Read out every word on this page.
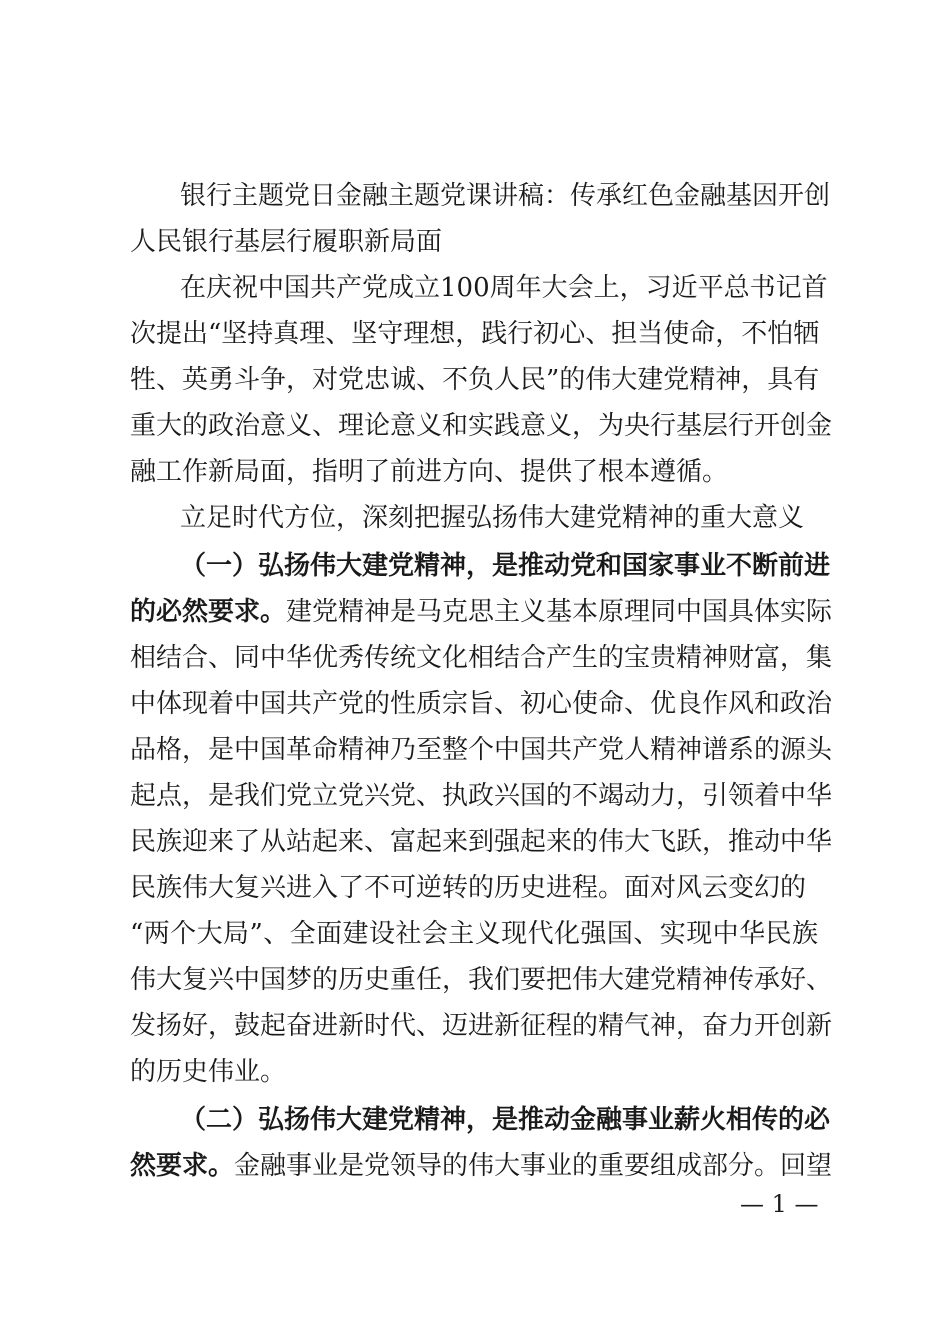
银行主题党日金融主题党课讲稿：传承红色金融基因开创
人民银行基层行履职新局面
在庆祝中国共产党成立100周年大会上，习近平总书记首
次提出“坚持真理、坚守理想，践行初心、担当使命，不怕牺
牲、英勇斗争，对党忠诚、不负人民”的伟大建党精神，具有
重大的政治意义、理论意义和实践意义，为央行基层行开创金
融工作新局面，指明了前进方向、提供了根本遵循。
立足时代方位，深刻把握弘扬伟大建党精神的重大意义
（一）弘扬伟大建党精神，是推动党和国家事业不断前进
的必然要求。建党精神是马克思主义基本原理同中国具体实际
相结合、同中华优秀传统文化相结合产生的宝贵精神财富，集
中体现着中国共产党的性质宗旨、初心使命、优良作风和政治
品格，是中国革命精神乃至整个中国共产党人精神谱系的源头
起点，是我们党立党兴党、执政兴国的不竭动力，引领着中华
民族迎来了从站起来、富起来到强起来的伟大飞跃，推动中华
民族伟大复兴进入了不可逆转的历史进程。面对风云变幻的
“两个大局”、全面建设社会主义现代化强国、实现中华民族
伟大复兴中国梦的历史重任，我们要把伟大建党精神传承好、
发扬好，鼓起奋进新时代、迈进新征程的精气神，奋力开创新
的历史伟业。
（二）弘扬伟大建党精神，是推动金融事业薪火相传的必
然要求。金融事业是党领导的伟大事业的重要组成部分。回望
— 1 —
